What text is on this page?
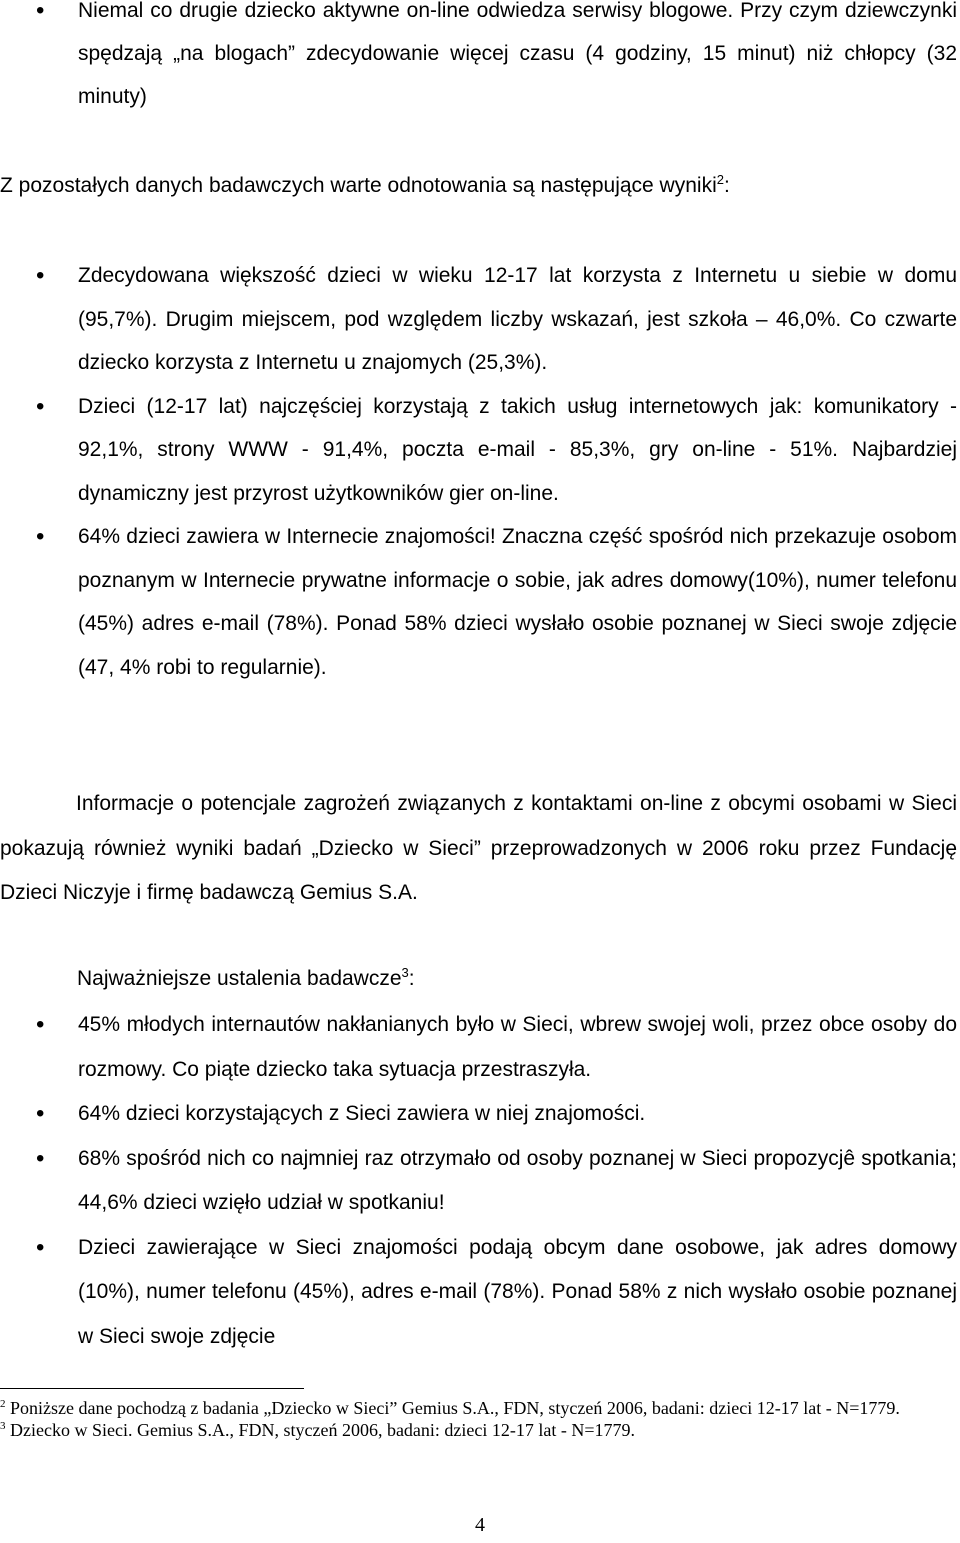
• Niemal co drugie dziecko aktywne on-line odwiedza serwisy blogowe. Przy czym dziewczynki spędzają „na blogach” zdecydowanie więcej czasu (4 godziny, 15 minut) niż chłopcy (32 minuty)

Z pozostałych danych badawczych warte odnotowania są następujące wyniki$^2$:

• Zdecydowana większość dzieci w wieku 12-17 lat korzysta z Internetu u siebie w domu (95,7%). Drugim miejscem, pod względem liczby wskazań, jest szkoła – 46,0%. Co czwarte dziecko korzysta z Internetu u znajomych (25,3%).
• Dzieci (12-17 lat) najczęściej korzystają z takich usług internetowych jak: komunikatory - 92,1%, strony WWW - 91,4%, poczta e-mail - 85,3%, gry on-line - 51%. Najbardziej dynamiczny jest przyrost użytkowników gier on-line.
• 64% dzieci zawiera w Internecie znajomości! Znaczna część spośród nich przekazuje osobom poznanym w Internecie prywatne informacje o sobie, jak adres domowy(10%), numer telefonu (45%) adres e-mail (78%). Ponad 58% dzieci wysłało osobie poznanej w Sieci swoje zdjęcie (47, 4% robi to regularnie).

Informacje o potencjale zagrożeń związanych z kontaktami on-line z obcymi osobami w Sieci pokazują również wyniki badań „Dziecko w Sieci” przeprowadzonych w 2006 roku przez Fundację Dzieci Niczyje i firmę badawczą Gemius S.A.

Najważniejsze ustalenia badawcze$^3$:

• 45% młodych internautów nakłanianych było w Sieci, wbrew swojej woli, przez obce osoby do rozmowy. Co piąte dziecko taka sytuacja przestraszyła.
• 64% dzieci korzystających z Sieci zawiera w niej znajomości.
• 68% spośród nich co najmniej raz otrzymało od osoby poznanej w Sieci propozycjê spotkania; 44,6% dzieci wzięło udział w spotkaniu!
• Dzieci zawierające w Sieci znajomości podają obcym dane osobowe, jak adres domowy (10%), numer telefonu (45%), adres e-mail (78%). Ponad 58% z nich wysłało osobie poznanej w Sieci swoje zdjęcie

$^2$ Poniższe dane pochodzą z badania „Dziecko w Sieci” Gemius S.A., FDN, styczeń 2006, badani: dzieci 12-17 lat - N=1779.

$^3$ Dziecko w Sieci. Gemius S.A., FDN, styczeń 2006, badani: dzieci 12-17 lat - N=1779.

4
